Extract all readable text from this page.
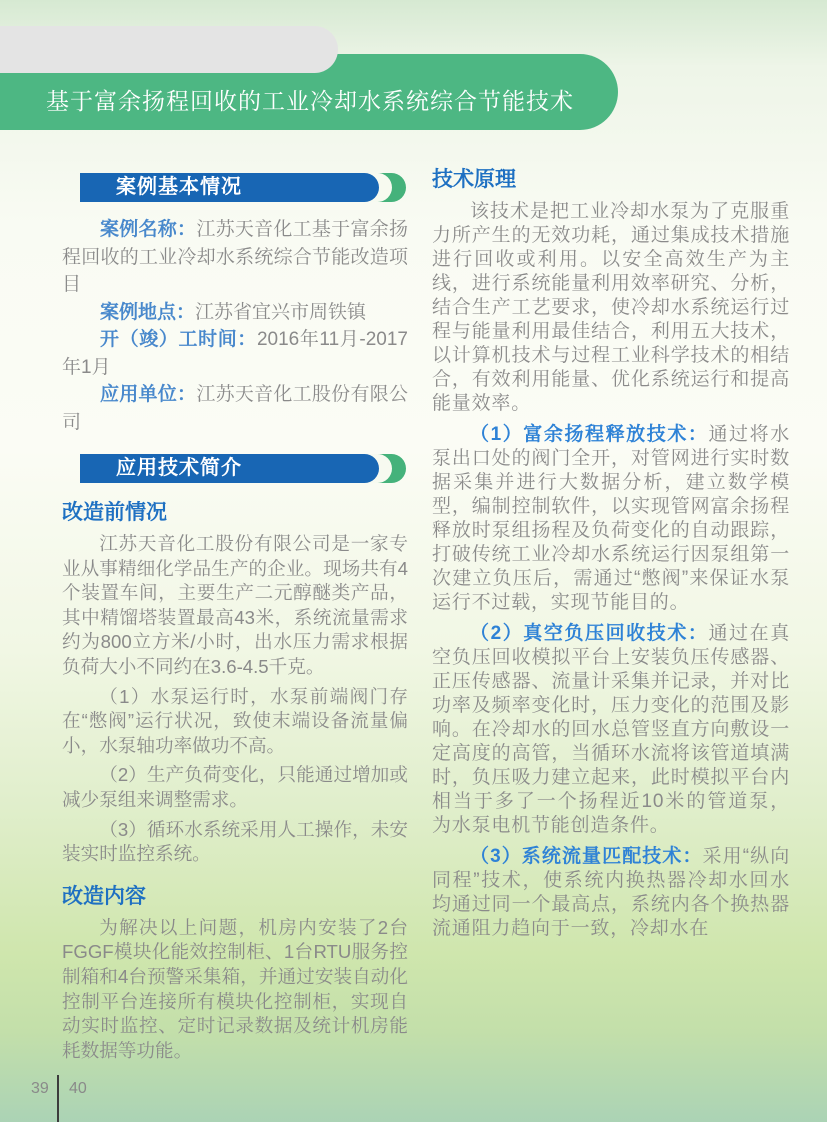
基于富余扬程回收的工业冷却水系统综合节能技术
案例基本情况

案例名称：江苏天音化工基于富余扬程回收的工业冷却水系统综合节能改造项目

案例地点：江苏省宜兴市周铁镇

开（竣）工时间：2016年11月-2017年1月

应用单位：江苏天音化工股份有限公司

应用技术简介
改造前情况

江苏天音化工股份有限公司是一家专业从事精细化学品生产的企业。现场共有4个装置车间，主要生产二元醇醚类产品，其中精馏塔装置最高43米，系统流量需求约为800立方米/小时，出水压力需求根据负荷大小不同约在3.6-4.5千克。

（1）水泵运行时，水泵前端阀门存在“憋阀”运行状况，致使末端设备流量偏小，水泵轴功率做功不高。

（2）生产负荷变化，只能通过增加或减少泵组来调整需求。

（3）循环水系统采用人工操作，未安装实时监控系统。

改造内容

为解决以上问题，机房内安装了2台FGGF模块化能效控制柜、1台RTU服务控制箱和4台预警采集箱，并通过安装自动化控制平台连接所有模块化控制柜，实现自动实时监控、定时记录数据及统计机房能耗数据等功能。

技术原理

该技术是把工业冷却水泵为了克服重力所产生的无效功耗，通过集成技术措施进行回收或利用。以安全高效生产为主线，进行系统能量利用效率研究、分析，结合生产工艺要求，使冷却水系统运行过程与能量利用最佳结合，利用五大技术，以计算机技术与过程工业科学技术的相结合，有效利用能量、优化系统运行和提高能量效率。

（1）富余扬程释放技术：通过将水泵出口处的阀门全开，对管网进行实时数据采集并进行大数据分析，建立数学模型，编制控制软件，以实现管网富余扬程释放时泵组扬程及负荷变化的自动跟踪，打破传统工业冷却水系统运行因泵组第一次建立负压后，需通过“憋阀”来保证水泵运行不过载，实现节能目的。

（2）真空负压回收技术：通过在真空负压回收模拟平台上安装负压传感器、正压传感器、流量计采集并记录，并对比功率及频率变化时，压力变化的范围及影响。在冷却水的回水总管竖直方向敷设一定高度的高管，当循环水流将该管道填满时，负压吸力建立起来，此时模拟平台内相当于多了一个扬程近10米的管道泵，为水泵电机节能创造条件。

（3）系统流量匹配技术：采用“纵向同程”技术，使系统内换热器冷却水回水均通过同一个最高点，系统内各个换热器流通阻力趋向于一致，冷却水在

39 40
